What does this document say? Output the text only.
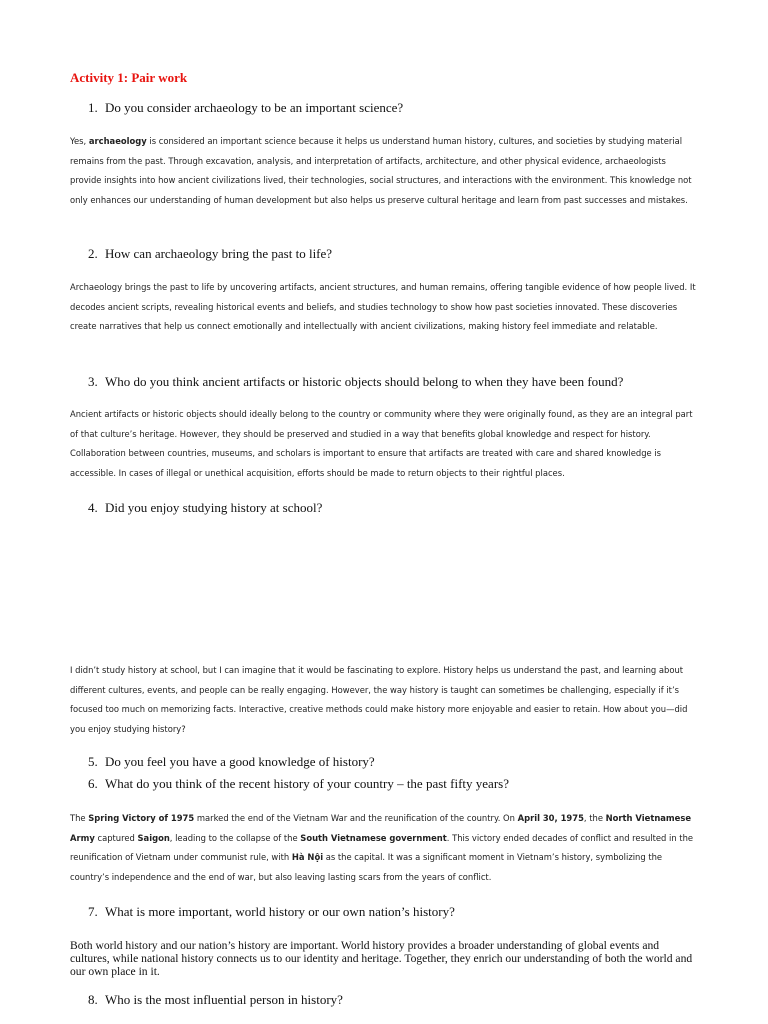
Activity 1: Pair work
1. Do you consider archaeology to be an important science?
Yes, archaeology is considered an important science because it helps us understand human history, cultures, and societies by studying material remains from the past. Through excavation, analysis, and interpretation of artifacts, architecture, and other physical evidence, archaeologists provide insights into how ancient civilizations lived, their technologies, social structures, and interactions with the environment. This knowledge not only enhances our understanding of human development but also helps us preserve cultural heritage and learn from past successes and mistakes.
2. How can archaeology bring the past to life?
Archaeology brings the past to life by uncovering artifacts, ancient structures, and human remains, offering tangible evidence of how people lived. It decodes ancient scripts, revealing historical events and beliefs, and studies technology to show how past societies innovated. These discoveries create narratives that help us connect emotionally and intellectually with ancient civilizations, making history feel immediate and relatable.
3. Who do you think ancient artifacts or historic objects should belong to when they have been found?
Ancient artifacts or historic objects should ideally belong to the country or community where they were originally found, as they are an integral part of that culture’s heritage. However, they should be preserved and studied in a way that benefits global knowledge and respect for history. Collaboration between countries, museums, and scholars is important to ensure that artifacts are treated with care and shared knowledge is accessible. In cases of illegal or unethical acquisition, efforts should be made to return objects to their rightful places.
4. Did you enjoy studying history at school?
I didn’t study history at school, but I can imagine that it would be fascinating to explore. History helps us understand the past, and learning about different cultures, events, and people can be really engaging. However, the way history is taught can sometimes be challenging, especially if it’s focused too much on memorizing facts. Interactive, creative methods could make history more enjoyable and easier to retain. How about you—did you enjoy studying history?
5. Do you feel you have a good knowledge of history?
6. What do you think of the recent history of your country – the past fifty years?
The Spring Victory of 1975 marked the end of the Vietnam War and the reunification of the country. On April 30, 1975, the North Vietnamese Army captured Saigon, leading to the collapse of the South Vietnamese government. This victory ended decades of conflict and resulted in the reunification of Vietnam under communist rule, with Hà Nội as the capital. It was a significant moment in Vietnam’s history, symbolizing the country’s independence and the end of war, but also leaving lasting scars from the years of conflict.
7. What is more important, world history or our own nation’s history?
Both world history and our nation’s history are important. World history provides a broader understanding of global events and cultures, while national history connects us to our identity and heritage. Together, they enrich our understanding of both the world and our own place in it.
8. Who is the most influential person in history?
